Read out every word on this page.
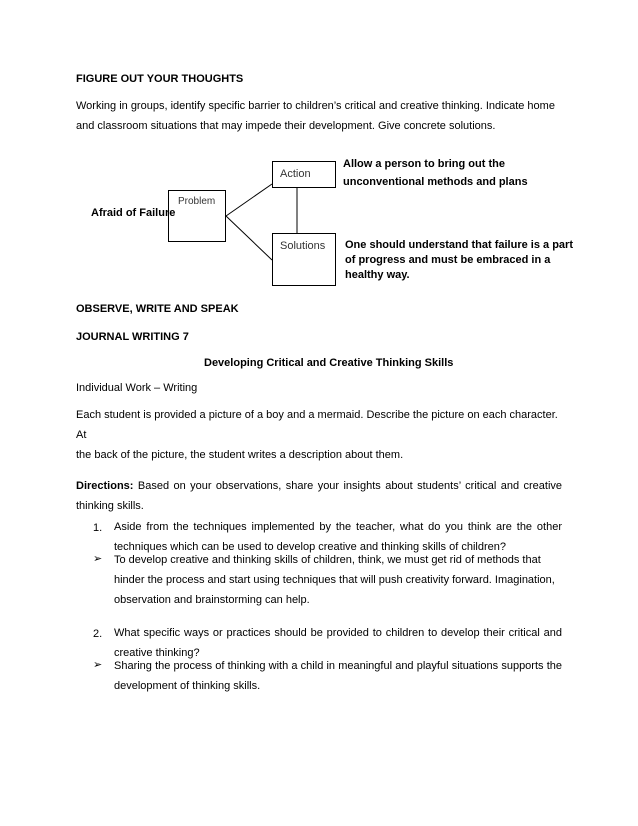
FIGURE OUT YOUR THOUGHTS
Working in groups, identify specific barrier to children’s critical and creative thinking. Indicate home
and classroom situations that may impede their development. Give concrete solutions.
Problem
Action
Solutions
Afraid of Failure
Allow a person to bring out the
unconventional methods and plans
One should understand that failure is a part
of progress and must be embraced in a
healthy way.
OBSERVE, WRITE AND SPEAK
JOURNAL WRITING 7
Developing Critical and Creative Thinking Skills
Individual Work – Writing
Each student is provided a picture of a boy and a mermaid. Describe the picture on each character. At
the back of the picture, the student writes a description about them.
Directions: Based on your observations, share your insights about students’ critical and creative
thinking skills.
1. Aside from the techniques implemented by the teacher, what do you think are the other
techniques which can be used to develop creative and thinking skills of children?
➢ To develop creative and thinking skills of children, think, we must get rid of methods that
hinder the process and start using techniques that will push creativity forward. Imagination,
observation and brainstorming can help.
2. What specific ways or practices should be provided to children to develop their critical and
creative thinking?
➢ Sharing the process of thinking with a child in meaningful and playful situations supports the
development of thinking skills.
